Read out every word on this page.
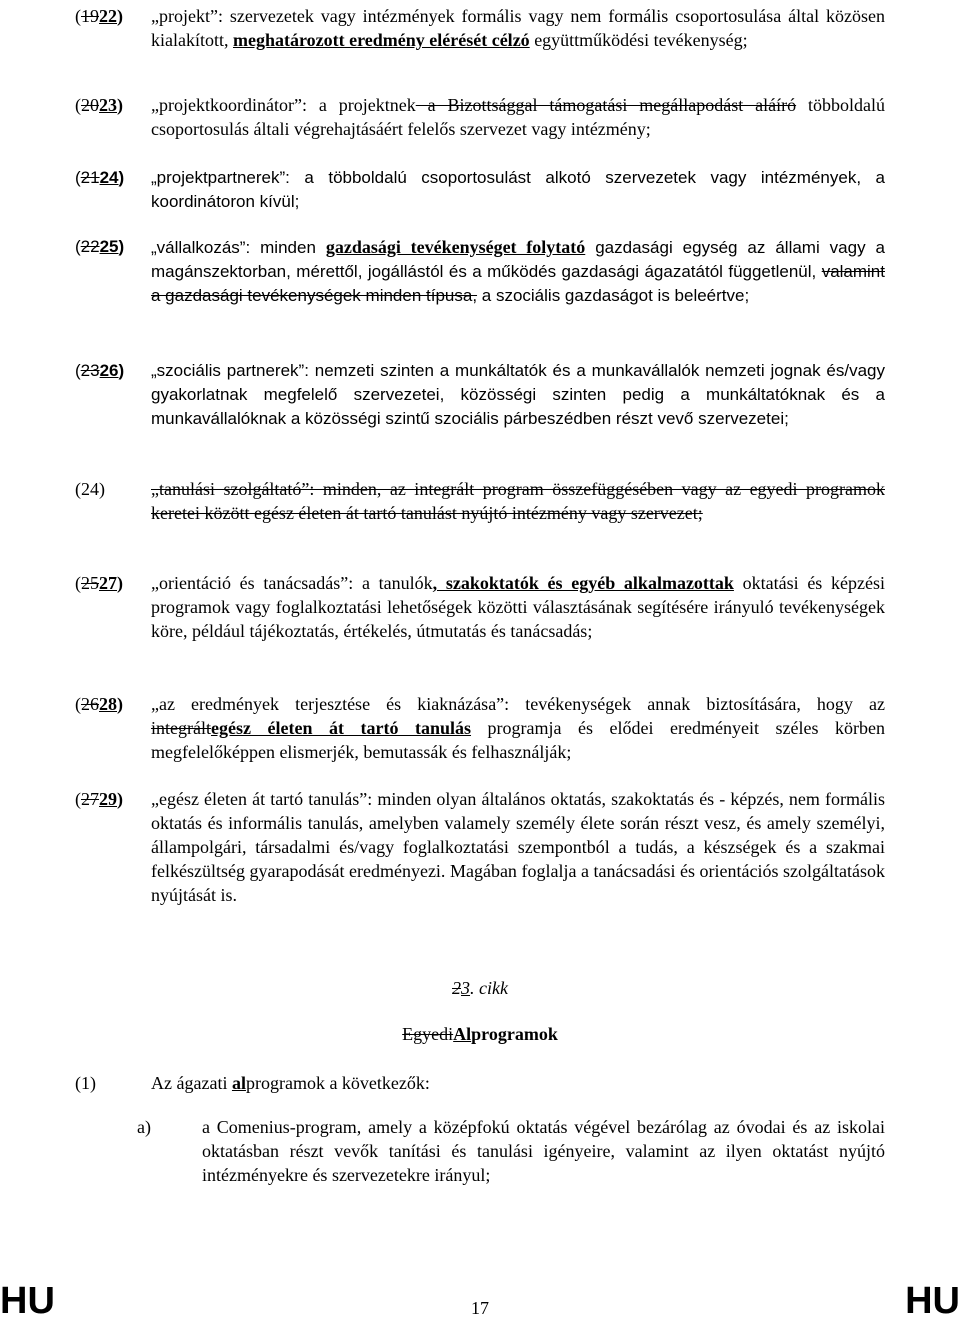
(1922) „projekt”: szervezetek vagy intézmények formális vagy nem formális csoportosulása által közösen kialakított, meghatározott eredmény elérését célzó együttműködési tevékenység;
(2023) „projektkoordinátor”: a projektnek a Bizottsággal támogatási megállapodást aláíró többoldalú csoportosulás általi végrehajtásáért felelős szervezet vagy intézmény;
(2124) „projektpartnerek”: a többoldalú csoportosulást alkotó szervezetek vagy intézmények, a koordinátoron kívül;
(2225) „vállalkozás”: minden gazdasági tevékenységet folytató gazdasági egység az állami vagy a magánszektorban, mérettől, jogállástól és a működés gazdasági ágazatától függetlenül, valamint a gazdasági tevékenységek minden típusa, a szociális gazdaságot is beleértve;
(2326) „szociális partnerek”: nemzeti szinten a munkáltatók és a munkavállalók nemzeti jognak és/vagy gyakorlatnak megfelelő szervezetei, közösségi szinten pedig a munkáltatóknak és a munkavállalóknak a közösségi szintű szociális párbeszédben részt vevő szervezetei;
(24)	„tanulási szolgáltató”: minden, az integrált program összefüggésében vagy az egyedi programok keretei között egész életen át tartó tanulást nyújtó intézmény vagy szervezet;
(2527) „orientáció és tanácsadás”: a tanulók, szakoktatók és egyéb alkalmazottak oktatási és képzési programok vagy foglalkoztatási lehetőségek közötti választásának segítésére irányuló tevékenységek köre, például tájékoztatás, értékelés, útmutatás és tanácsadás;
(2628) „az eredmények terjesztése és kiaknázása”: tevékenységek annak biztosítására, hogy az integráltegész életen át tartó tanulás programja és elődei eredményeit széles körben megfelelőképpen elismerjék, bemutassák és felhasználják;
(2729) „egész életen át tartó tanulás”: minden olyan általános oktatás, szakoktatás és - képzés, nem formális oktatás és informális tanulás, amelyben valamely személy élete során részt vesz, és amely személyi, állampolgári, társadalmi és/vagy foglalkoztatási szempontból a tudás, a készségek és a szakmai felkészültség gyarapodását eredményezi. Magában foglalja a tanácsadási és orientációs szolgáltatások nyújtását is.
23. cikk
EgyediAlprogramok
(1)	Az ágazati alprogramok a következők:
a)	a Comenius-program, amely a középfokú oktatás végével bezárólag az óvodai és az iskolai oktatásban részt vevők tanítási és tanulási igényeire, valamint az ilyen oktatást nyújtó intézményekre és szervezetekre irányul;
HU	17	HU
